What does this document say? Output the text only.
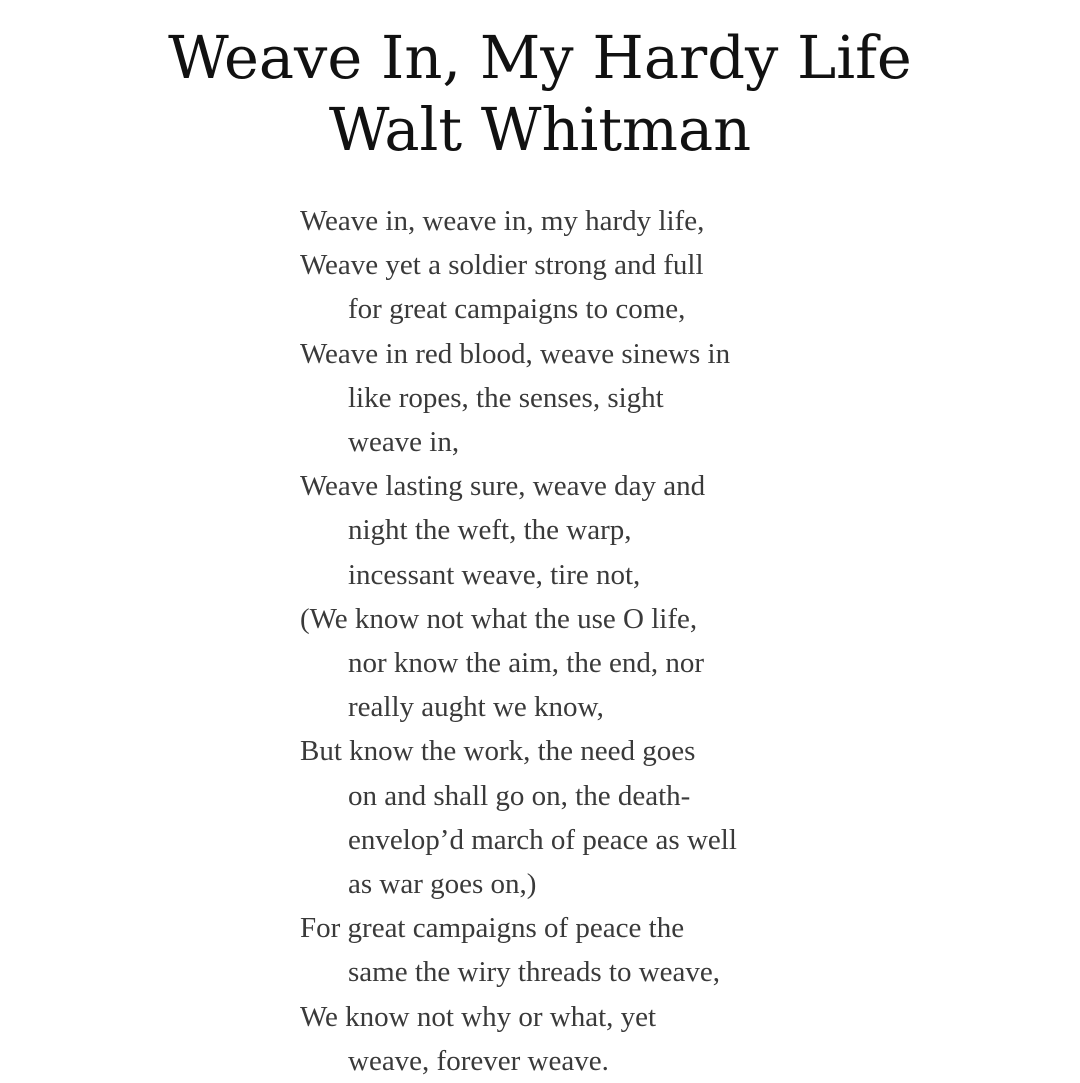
Weave In, My Hardy Life
Walt Whitman
Weave in, weave in, my hardy life,
Weave yet a soldier strong and full
for great campaigns to come,
Weave in red blood, weave sinews in
like ropes, the senses, sight
weave in,
Weave lasting sure, weave day and
night the weft, the warp,
incessant weave, tire not,
(We know not what the use O life,
nor know the aim, the end, nor
really aught we know,
But know the work, the need goes
on and shall go on, the death-
envelop’d march of peace as well
as war goes on,)
For great campaigns of peace the
same the wiry threads to weave,
We know not why or what, yet
weave, forever weave.
